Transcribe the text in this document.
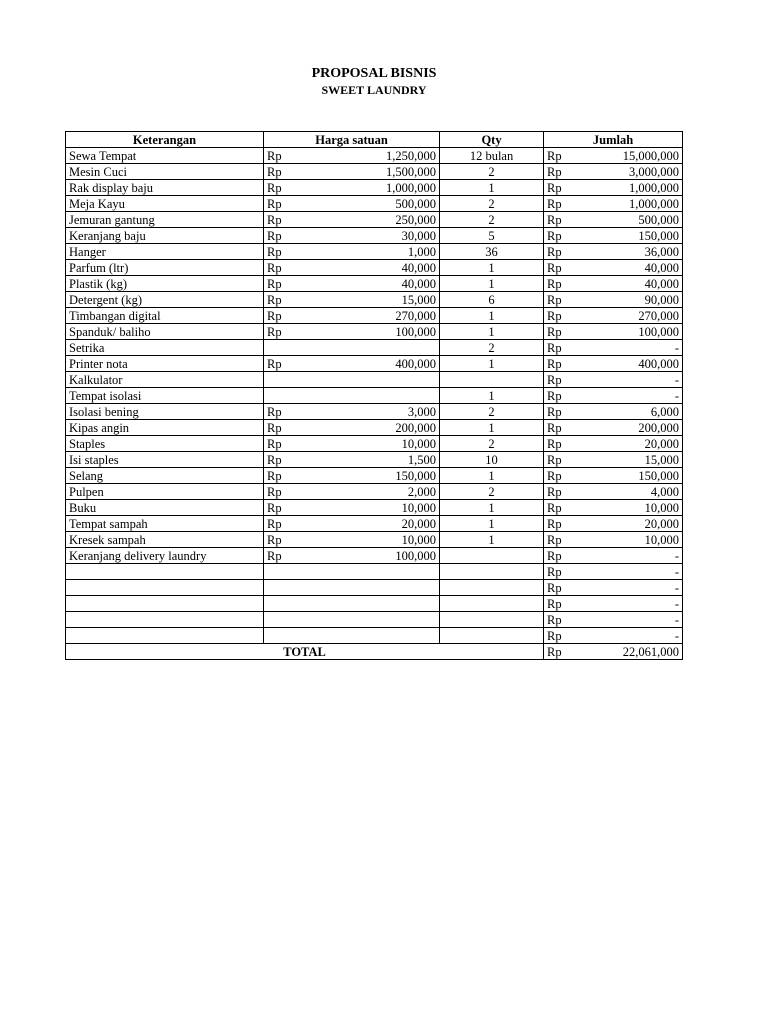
PROPOSAL BISNIS
SWEET LAUNDRY
Keterangan	Harga satuan		Qty	Jumlah	
Sewa Tempat	Rp	1,250,000	12 bulan	Rp	15,000,000
Mesin Cuci	Rp	1,500,000	2	Rp	3,000,000
Rak display baju	Rp	1,000,000	1	Rp	1,000,000
Meja Kayu	Rp	500,000	2	Rp	1,000,000
Jemuran gantung	Rp	250,000	2	Rp	500,000
Keranjang baju	Rp	30,000	5	Rp	150,000
Hanger	Rp	1,000	36	Rp	36,000
Parfum (ltr)	Rp	40,000	1	Rp	40,000
Plastik (kg)	Rp	40,000	1	Rp	40,000
Detergent (kg)	Rp	15,000	6	Rp	90,000
Timbangan digital	Rp	270,000	1	Rp	270,000
Spanduk/ baliho	Rp	100,000	1	Rp	100,000
Setrika			2	Rp	-
Printer nota	Rp	400,000	1	Rp	400,000
Kalkulator				Rp	-
Tempat isolasi			1	Rp	-
Isolasi bening	Rp	3,000	2	Rp	6,000
Kipas angin	Rp	200,000	1	Rp	200,000
Staples	Rp	10,000	2	Rp	20,000
Isi staples	Rp	1,500	10	Rp	15,000
Selang	Rp	150,000	1	Rp	150,000
Pulpen	Rp	2,000	2	Rp	4,000
Buku	Rp	10,000	1	Rp	10,000
Tempat sampah	Rp	20,000	1	Rp	20,000
Kresek sampah	Rp	10,000	1	Rp	10,000
Keranjang delivery laundry	Rp	100,000		Rp	-
				Rp	-
				Rp	-
				Rp	-
				Rp	-
				Rp	-
TOTAL				Rp	22,061,000
